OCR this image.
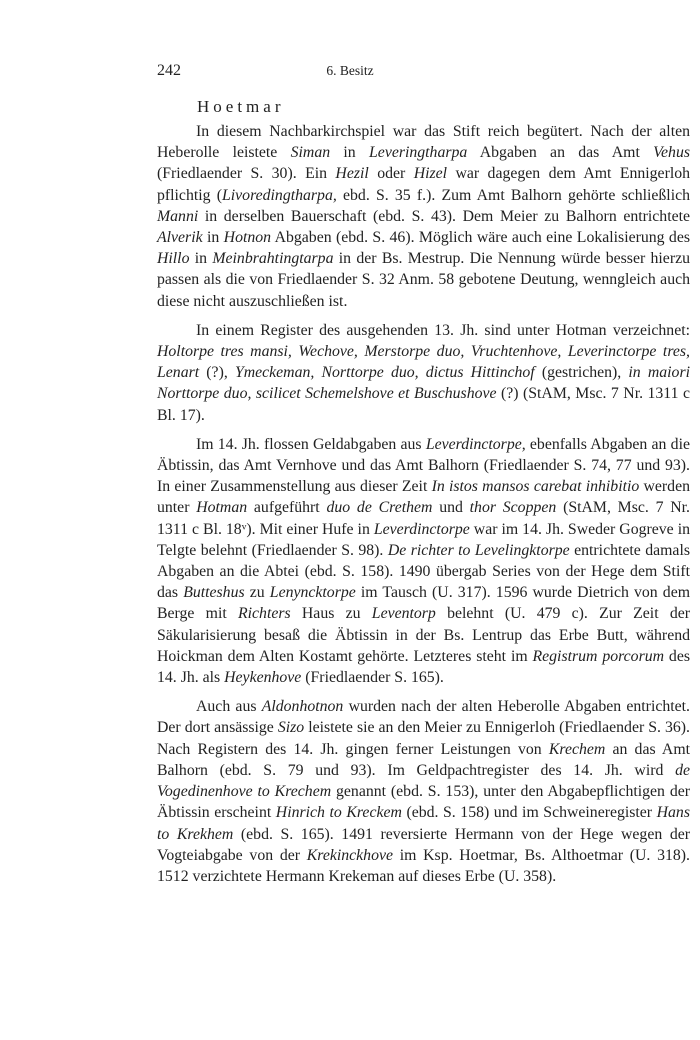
242	6. Besitz
Hoetmar

In diesem Nachbarkirchspiel war das Stift reich begütert. Nach der alten Heberolle leistete Siman in Leveringtharpa Abgaben an das Amt Vehus (Friedlaender S. 30). Ein Hezil oder Hizel war dagegen dem Amt Ennigerloh pflichtig (Livoredingtharpa, ebd. S. 35 f.). Zum Amt Balhorn gehörte schließlich Manni in derselben Bauerschaft (ebd. S. 43). Dem Meier zu Balhorn entrichtete Alverik in Hotnon Abgaben (ebd. S. 46). Möglich wäre auch eine Lokalisierung des Hillo in Meinbrahtingtarpa in der Bs. Mestrup. Die Nennung würde besser hierzu passen als die von Friedlaender S. 32 Anm. 58 gebotene Deutung, wenngleich auch diese nicht auszuschließen ist.

In einem Register des ausgehenden 13. Jh. sind unter Hotman verzeichnet: Holtorpe tres mansi, Wechove, Merstorpe duo, Vruchtenhove, Leverinctorpe tres, Lenart (?), Ymeckeman, Norttorpe duo, dictus Hittinchof (gestrichen), in maiori Norttorpe duo, scilicet Schemelshove et Buschushove (?) (StAM, Msc. 7 Nr. 1311 c Bl. 17).

Im 14. Jh. flossen Geldabgaben aus Leverdinctorpe, ebenfalls Abgaben an die Äbtissin, das Amt Vernhove und das Amt Balhorn (Friedlaender S. 74, 77 und 93). In einer Zusammenstellung aus dieser Zeit In istos mansos carebat inhibitio werden unter Hotman aufgeführt duo de Crethem und thor Scoppen (StAM, Msc. 7 Nr. 1311 c Bl. 18ᵛ). Mit einer Hufe in Leverdinctorpe war im 14. Jh. Sweder Gogreve in Telgte belehnt (Friedlaender S. 98). De richter to Levelingktorpe entrichtete damals Abgaben an die Abtei (ebd. S. 158). 1490 übergab Series von der Hege dem Stift das Butteshus zu Lenyncktorpe im Tausch (U. 317). 1596 wurde Dietrich von dem Berge mit Richters Haus zu Leventorp belehnt (U. 479 c). Zur Zeit der Säkularisierung besaß die Äbtissin in der Bs. Lentrup das Erbe Butt, während Hoickman dem Alten Kostamt gehörte. Letzteres steht im Registrum porcorum des 14. Jh. als Heykenhove (Friedlaender S. 165).

Auch aus Aldonhotnon wurden nach der alten Heberolle Abgaben entrichtet. Der dort ansässige Sizo leistete sie an den Meier zu Ennigerloh (Friedlaender S. 36). Nach Registern des 14. Jh. gingen ferner Leistungen von Krechem an das Amt Balhorn (ebd. S. 79 und 93). Im Geldpachtregister des 14. Jh. wird de Vogedinenhove to Krechem genannt (ebd. S. 153), unter den Abgabepflichtigen der Äbtissin erscheint Hinrich to Kreckem (ebd. S. 158) und im Schweineregister Hans to Krekhem (ebd. S. 165). 1491 reversierte Hermann von der Hege wegen der Vogteiabgabe von der Krekinckhove im Ksp. Hoetmar, Bs. Althoetmar (U. 318). 1512 verzichtete Hermann Krekeman auf dieses Erbe (U. 358).
